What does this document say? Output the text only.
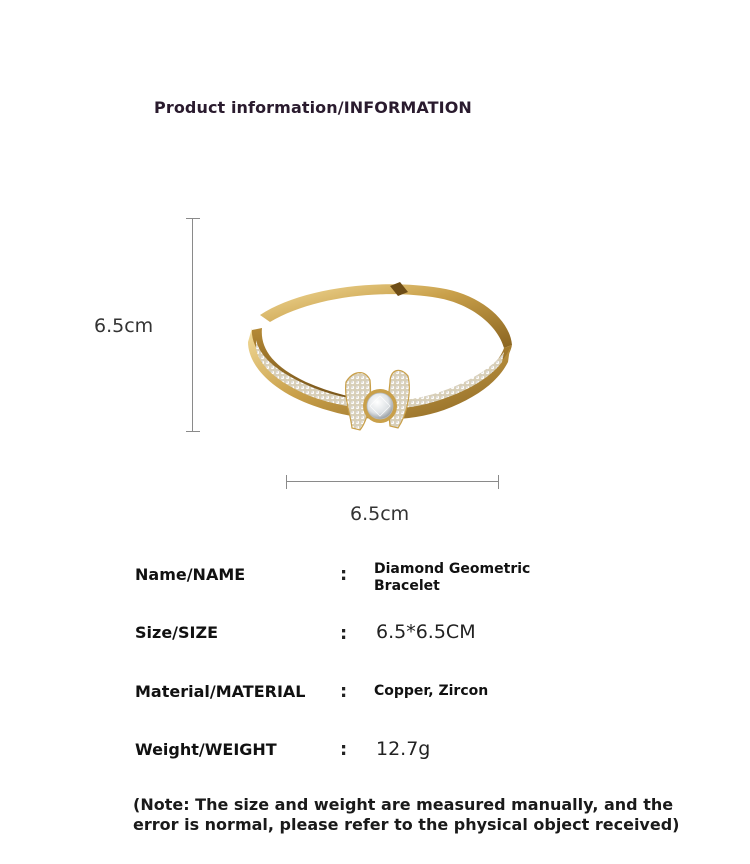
Product information/INFORMATION
6.5cm
6.5cm
Name/NAME	: Diamond Geometric Bracelet
Size/SIZE	: 6.5*6.5CM
Material/MATERIAL : Copper, Zircon
Weight/WEIGHT	: 12.7g
(Note: The size and weight are measured manually, and the error is normal, please refer to the physical object received)
